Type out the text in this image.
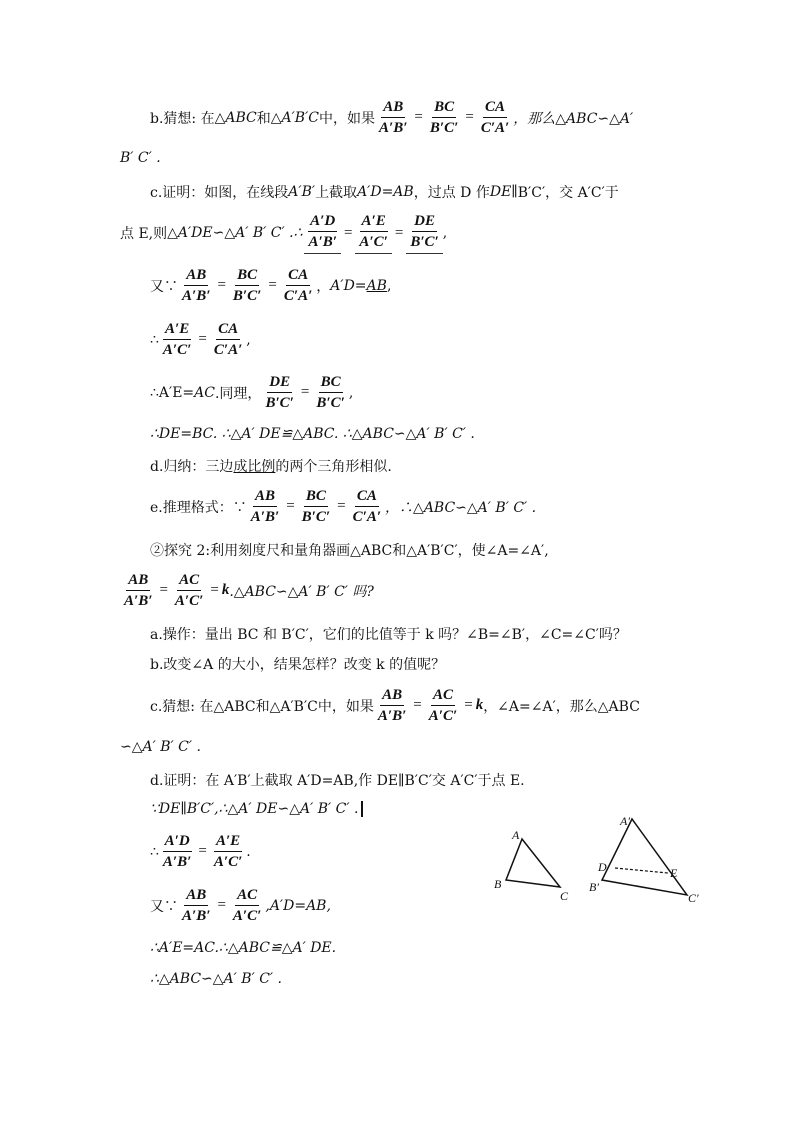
b.猜想: 在 △ABC 和 △A′B′C 中，如果 $\frac{AB}{A'B'} = \frac{BC}{B'C'} = \frac{CA}{C'A'}$ ，那么△ABC∽△A′
B′ C′ .
c.证明：如图，在线段 A′B′ 上截取 A′D=AB ，过点 D 作 DE∥ B′C′，交 A′C′于
点 E,则 △A′DE∽△A′ B′ C′ .∴ $\frac{A'D}{A'B'} = \frac{A'E}{A'C'} = \frac{DE}{B'C'}$ ,
又∵ $\frac{AB}{A'B'} = \frac{BC}{B'C'} = \frac{CA}{C'A'}$ ， A′D= AB ,
∴ $\frac{A'E}{A'C'} = \frac{CA}{C'A'}$ ,
∴A′E= AC .同理， $\frac{DE}{B'C'} = \frac{BC}{B'C'}$ ,
∴DE=BC. ∴△A′ DE≌△ABC. ∴△ABC∽△A′ B′ C′ .
d.归纳：三边 成比例 的两个三角形相似.
e.推理格式：∵ $\frac{AB}{A'B'} = \frac{BC}{B'C'} = \frac{CA}{C'A'}$ ，∴△ABC∽△A′ B′ C′ .
②探究 2:利用刻度尺和量角器画△ABC和△A′B′C′，使∠A=∠A′,
$\frac{AB}{A'B'} = \frac{AC}{A'C'} = k$ .△ABC∽△A′ B′ C′ 吗?
a.操作：量出 BC 和 B′C′，它们的比值等于 k 吗？∠B=∠B′，∠C=∠C′吗？
b.改变∠A 的大小，结果怎样？改变 k 的值呢？
c.猜想: 在△ABC和△A′B′C中，如果 $\frac{AB}{A'B'} = \frac{AC}{A'C'} = k$ ，∠A=∠A′，那么△ABC
∽△A′ B′ C′ .
d.证明：在 A′B′上截取 A′D=AB,作 DE∥B′C′交 A′C′于点 E.
∵DE∥B′C′,∴△A′ DE∽△A′ B′ C′ .
∴ $\frac{A'D}{A'B'} = \frac{A'E}{A'C'}$ .
又∵ $\frac{AB}{A'B'} = \frac{AC}{A'C'} ,A'D=AB$,
∴A′E=AC.∴△ABC≌△A′ DE.
∴△ABC∽△A′ B′ C′ .
A
B
C
A′
B′
C′
D	E
